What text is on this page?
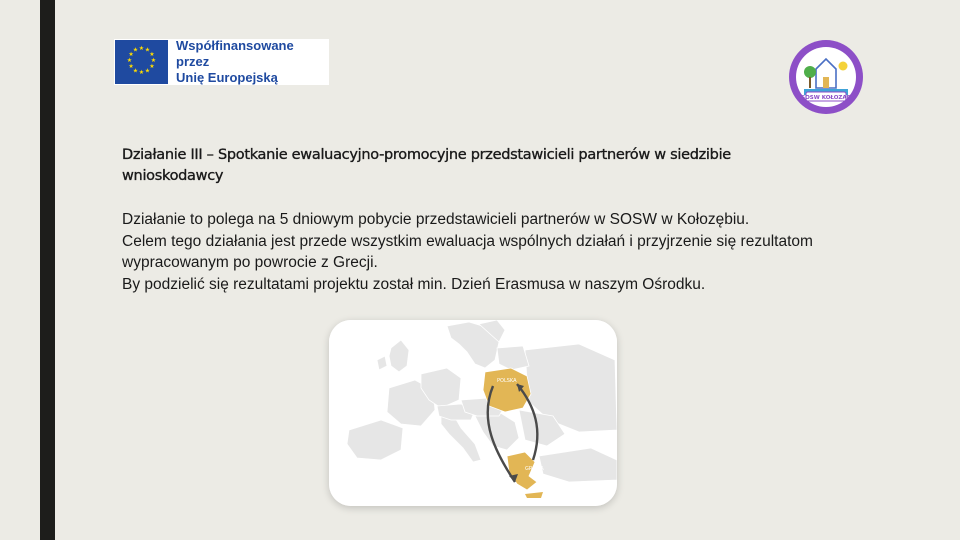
★ ★
★
★
★
★
★
★
★
★
★
★	Współfinansowane przez
Unię Europejską
SOSW KOŁOZĄB
Działanie III – Spotkanie ewaluacyjno-promocyjne przedstawicieli partnerów w siedzibie wnioskodawcy

Działanie to polega na 5 dniowym pobycie przedstawicieli partnerów w SOSW w Kołozębiu.

Celem tego działania jest przede wszystkim ewaluacja wspólnych działań i przyjrzenie się rezultatom wypracowanym po powrocie z Grecji.

By podzielić się rezultatami projektu został min. Dzień Erasmusa w naszym Ośrodku.

POLSKA
GRECJA
